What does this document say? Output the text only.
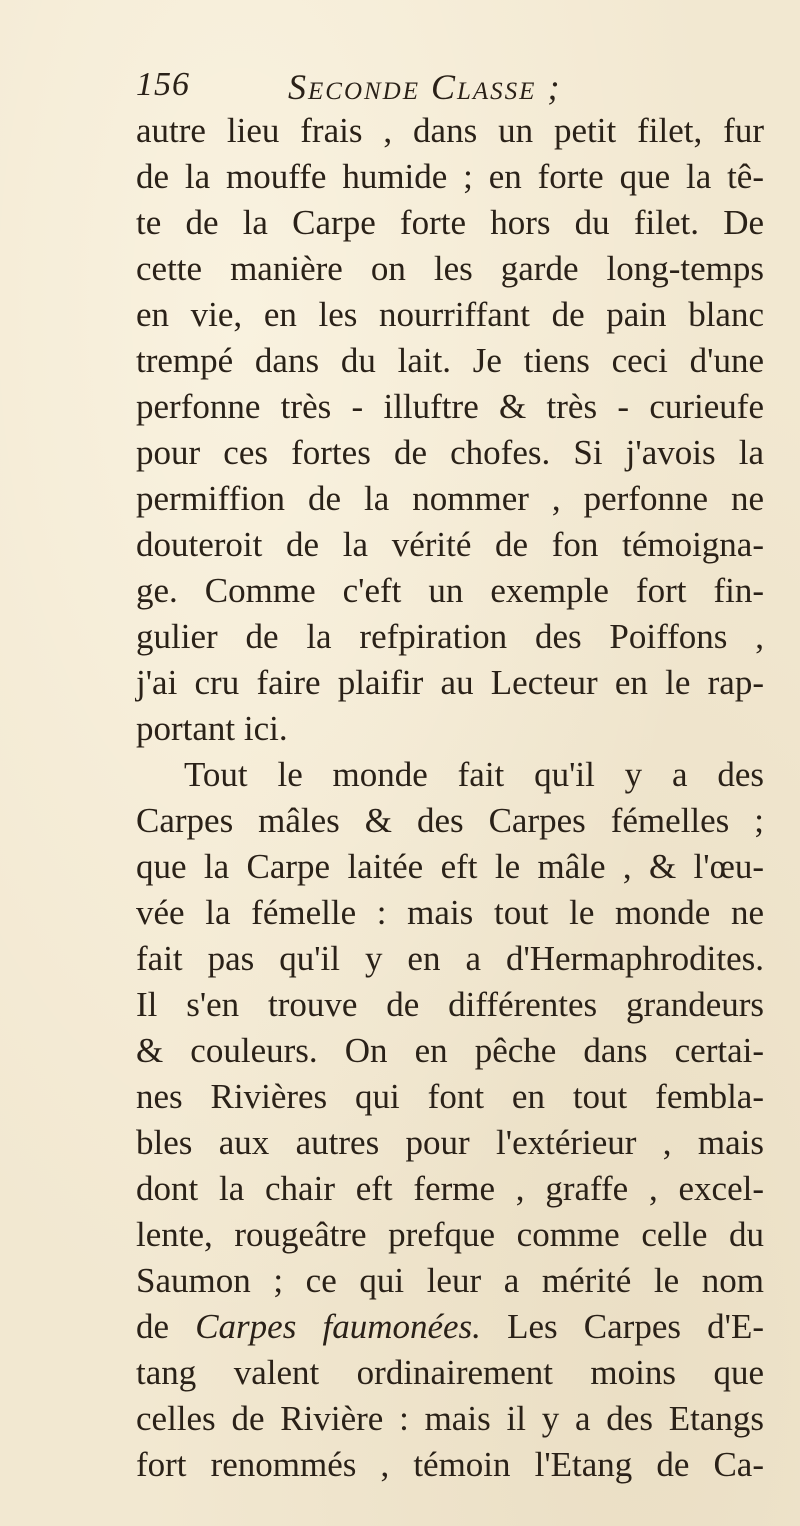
156	Seconde Classe ;
autre lieu frais , dans un petit filet, fur
de la mouffe humide ; en forte que la tê-
te de la Carpe forte hors du filet. De
cette manière on les garde long-temps
en vie, en les nourriffant de pain blanc
trempé dans du lait. Je tiens ceci d'une
perfonne très - illuftre & très - curieufe
pour ces fortes de chofes. Si j'avois la
permiffion de la nommer , perfonne ne
douteroit de la vérité de fon témoigna-
ge. Comme c'eft un exemple fort fin-
gulier de la refpiration des Poiffons ,
j'ai cru faire plaifir au Lecteur en le rap-
portant ici.
Tout le monde fait qu'il y a des
Carpes mâles & des Carpes fémelles ;
que la Carpe laitée eft le mâle , & l'œu-
vée la fémelle : mais tout le monde ne
fait pas qu'il y en a d'Hermaphrodites.
Il s'en trouve de différentes grandeurs
& couleurs. On en pêche dans certai-
nes Rivières qui font en tout fembla-
bles aux autres pour l'extérieur , mais
dont la chair eft ferme , graffe , excel-
lente, rougeâtre prefque comme celle du
Saumon ; ce qui leur a mérité le nom
de Carpes faumonées. Les Carpes d'E-
tang valent ordinairement moins que
celles de Rivière : mais il y a des Etangs
fort renommés , témoin l'Etang de Ca-
